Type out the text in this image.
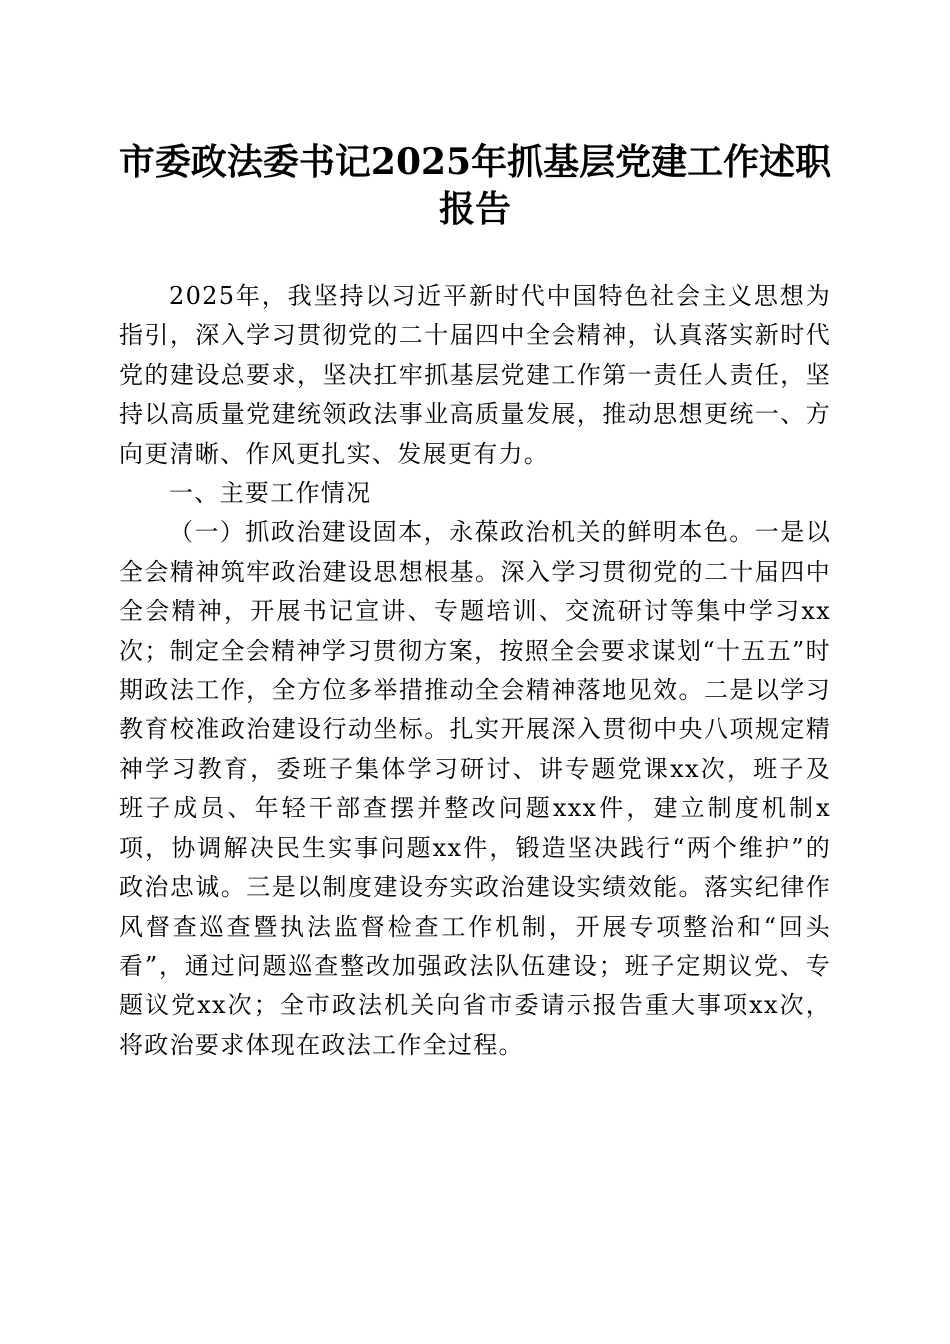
市委政法委书记2025年抓基层党建工作述职
报告

2025年，我坚持以习近平新时代中国特色社会主义思想为指引，深入学习贯彻党的二十届四中全会精神，认真落实新时代党的建设总要求，坚决扛牢抓基层党建工作第一责任人责任，坚持以高质量党建统领政法事业高质量发展，推动思想更统一、方向更清晰、作风更扎实、发展更有力。

一、主要工作情况

（一）抓政治建设固本，永葆政治机关的鲜明本色。一是以全会精神筑牢政治建设思想根基。深入学习贯彻党的二十届四中全会精神，开展书记宣讲、专题培训、交流研讨等集中学习xx次；制定全会精神学习贯彻方案，按照全会要求谋划“十五五”时期政法工作，全方位多举措推动全会精神落地见效。二是以学习教育校准政治建设行动坐标。扎实开展深入贯彻中央八项规定精神学习教育，委班子集体学习研讨、讲专题党课xx次，班子及班子成员、年轻干部查摆并整改问题xxx件，建立制度机制x项，协调解决民生实事问题xx件，锻造坚决践行“两个维护”的政治忠诚。三是以制度建设夯实政治建设实绩效能。落实纪律作风督查巡查暨执法监督检查工作机制，开展专项整治和“回头看”，通过问题巡查整改加强政法队伍建设；班子定期议党、专题议党xx次；全市政法机关向省市委请示报告重大事项xx次，将政治要求体现在政法工作全过程。
